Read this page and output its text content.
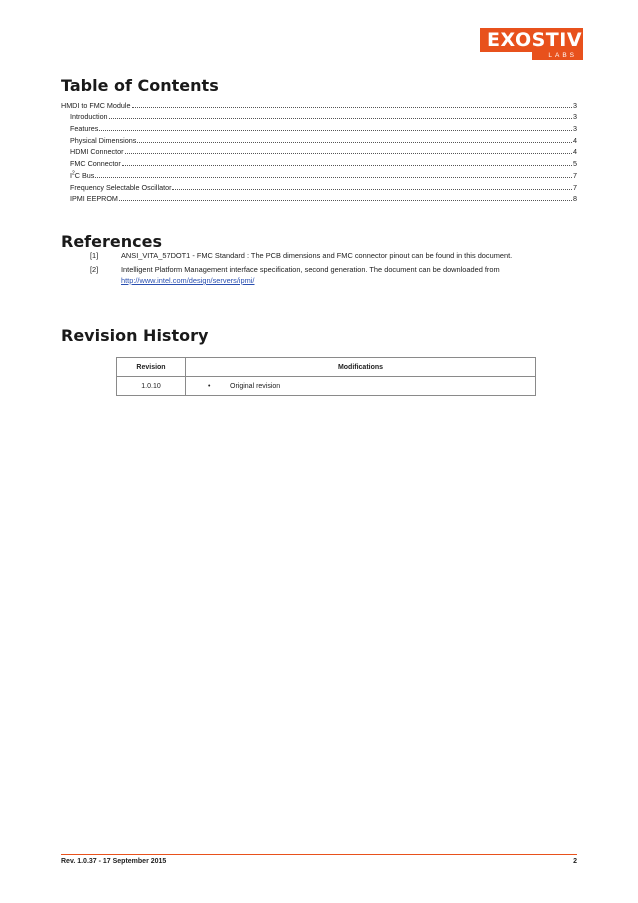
EXOSTIV
LABS
Table of Contents
HMDI to FMC Module	3
Introduction	3
Features	3
Physical Dimensions	4
HDMI Connector	4
FMC Connector	5
$I^2C$ Bus	7
Frequency Selectable Oscillator	7
IPMI EEPROM	8
References
[1]	ANSI_VITA_57DOT1 - FMC Standard : The PCB dimensions and FMC connector pinout can be found in this document.
[2]	Intelligent Platform Management interface specification, second generation. The document can be downloaded from http://www.intel.com/design/servers/ipmi/
Revision History
Revision	Modifications
1.0.10	• Original revision
Rev. 1.0.37 - 17 September 2015	2
